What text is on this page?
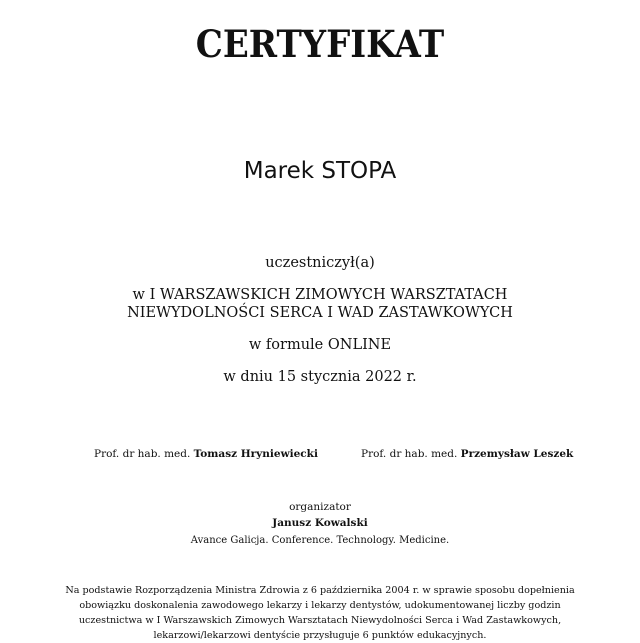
CERTYFIKAT
Marek STOPA
uczestniczył(a)
w I WARSZAWSKICH ZIMOWYCH WARSZTATACH
NIEWYDOLNOŚCI SERCA I WAD ZASTAWKOWYCH
w formule ONLINE
w dniu 15 stycznia 2022 r.
Prof. dr hab. med. Tomasz Hryniewiecki	Prof. dr hab. med. Przemysław Leszek
organizator
Janusz Kowalski
Avance Galicja. Conference. Technology. Medicine.
Na podstawie Rozporządzenia Ministra Zdrowia z 6 października 2004 r. w sprawie sposobu dopełnienia
obowiązku doskonalenia zawodowego lekarzy i lekarzy dentystów, udokumentowanej liczby godzin
uczestnictwa w I Warszawskich Zimowych Warsztatach Niewydolności Serca i Wad Zastawkowych,
lekarzowi/lekarzowi dentyście przysługuje 6 punktów edukacyjnych.
